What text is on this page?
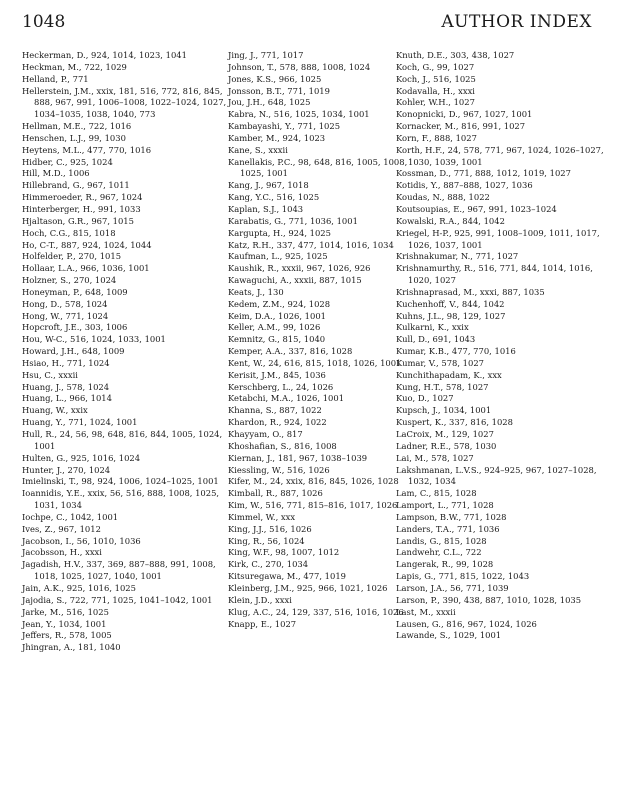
1048	AUTHOR INDEX

Heckerman, D., 924, 1014, 1023, 1041

Heckman, M., 722, 1029

Helland, P., 771

Hellerstein, J.M., xxix, 181, 516, 772, 816, 845, 888, 967, 991, 1006–1008, 1022–1024, 1027, 1034–1035, 1038, 1040, 773

Hellman, M.E., 722, 1016

Henschen, L.J., 99, 1030

Heytens, M.L., 477, 770, 1016

Hidber, C., 925, 1024

Hill, M.D., 1006

Hillebrand, G., 967, 1011

Himmeroeder, R., 967, 1024

Hinterberger, H., 991, 1033

Hjaltason, G.R., 967, 1015

Hoch, C.G., 815, 1018

Ho, C-T., 887, 924, 1024, 1044

Holfelder, P., 270, 1015

Hollaar, L.A., 966, 1036, 1001

Holzner, S., 270, 1024

Honeyman, P., 648, 1009

Hong, D., 578, 1024

Hong, W., 771, 1024

Hopcroft, J.E., 303, 1006

Hou, W-C., 516, 1024, 1033, 1001

Howard, J.H., 648, 1009

Hsiao, H., 771, 1024

Hsu, C., xxxii

Huang, J., 578, 1024

Huang, L., 966, 1014

Huang, W., xxix

Huang, Y., 771, 1024, 1001

Hull, R., 24, 56, 98, 648, 816, 844, 1005, 1024, 1001

Hulten, G., 925, 1016, 1024

Hunter, J., 270, 1024

Imielinski, T., 98, 924, 1006, 1024–1025, 1001

Ioannidis, Y.E., xxix, 56, 516, 888, 1008, 1025, 1031, 1034

Iochpe, C., 1042, 1001

Ives, Z., 967, 1012

Jacobson, I., 56, 1010, 1036

Jacobsson, H., xxxi

Jagadish, H.V., 337, 369, 887–888, 991, 1008, 1018, 1025, 1027, 1040, 1001

Jain, A.K., 925, 1016, 1025

Jajodia, S., 722, 771, 1025, 1041–1042, 1001

Jarke, M., 516, 1025

Jean, Y., 1034, 1001

Jeffers, R., 578, 1005

Jhingran, A., 181, 1040

Jing, J., 771, 1017

Johnson, T., 578, 888, 1008, 1024

Jones, K.S., 966, 1025

Jonsson, B.T., 771, 1019

Jou, J.H., 648, 1025

Kabra, N., 516, 1025, 1034, 1001

Kambayashi, Y., 771, 1025

Kamber, M., 924, 1023

Kane, S., xxxii

Kanellakis, P.C., 98, 648, 816, 1005, 1008, 1025, 1001

Kang, J., 967, 1018

Kang, Y.C., 516, 1025

Kaplan, S.J., 1043

Karabatis, G., 771, 1036, 1001

Kargupta, H., 924, 1025

Katz, R.H., 337, 477, 1014, 1016, 1034

Kaufman, L., 925, 1025

Kaushik, R., xxxii, 967, 1026, 926

Kawaguchi, A., xxxii, 887, 1015

Keats, J., 130

Kedem, Z.M., 924, 1028

Keim, D.A., 1026, 1001

Keller, A.M., 99, 1026

Kemnitz, G., 815, 1040

Kemper, A.A., 337, 816, 1028

Kent, W., 24, 616, 815, 1018, 1026, 1001

Kerisit, J.M., 845, 1036

Kerschberg, L., 24, 1026

Ketabchi, M.A., 1026, 1001

Khanna, S., 887, 1022

Khardon, R., 924, 1022

Khayyam, O., 817

Khoshafian, S., 816, 1008

Kiernan, J., 181, 967, 1038–1039

Kiessling, W., 516, 1026

Kifer, M., 24, xxix, 816, 845, 1026, 1028

Kimball, R., 887, 1026

Kim, W., 516, 771, 815–816, 1017, 1026

Kimmel, W., xxx

King, J.J., 516, 1026

King, R., 56, 1024

King, W.F., 98, 1007, 1012

Kirk, C., 270, 1034

Kitsuregawa, M., 477, 1019

Kleinberg, J.M., 925, 966, 1021, 1026

Klein, J.D., xxxi

Klug, A.C., 24, 129, 337, 516, 1016, 1026

Knapp, E., 1027

Knuth, D.E., 303, 438, 1027

Koch, G., 99, 1027

Koch, J., 516, 1025

Kodavalla, H., xxxi

Kohler, W.H., 1027

Konopnicki, D., 967, 1027, 1001

Kornacker, M., 816, 991, 1027

Korn, F., 888, 1027

Korth, H.F., 24, 578, 771, 967, 1024, 1026–1027, 1030, 1039, 1001

Kossman, D., 771, 888, 1012, 1019, 1027

Kotidis, Y., 887–888, 1027, 1036

Koudas, N., 888, 1022

Koutsoupias, E., 967, 991, 1023–1024

Kowalski, R.A., 844, 1042

Kriegel, H-P., 925, 991, 1008–1009, 1011, 1017, 1026, 1037, 1001

Krishnakumar, N., 771, 1027

Krishnamurthy, R., 516, 771, 844, 1014, 1016, 1020, 1027

Krishnaprasad, M., xxxi, 887, 1035

Kuchenhoff, V., 844, 1042

Kuhns, J.L., 98, 129, 1027

Kulkarni, K., xxix

Kull, D., 691, 1043

Kumar, K.B., 477, 770, 1016

Kumar, V., 578, 1027

Kunchithapadam, K., xxx

Kung, H.T., 578, 1027

Kuo, D., 1027

Kupsch, J., 1034, 1001

Kuspert, K., 337, 816, 1028

LaCroix, M., 129, 1027

Ladner, R.E., 578, 1030

Lai, M., 578, 1027

Lakshmanan, L.V.S., 924–925, 967, 1027–1028, 1032, 1034

Lam, C., 815, 1028

Lamport, L., 771, 1028

Lampson, B.W., 771, 1028

Landers, T.A., 771, 1036

Landis, G., 815, 1028

Landwehr, C.L., 722

Langerak, R., 99, 1028

Lapis, G., 771, 815, 1022, 1043

Larson, J.A., 56, 771, 1039

Larson, P., 390, 438, 887, 1010, 1028, 1035

Last, M., xxxii

Lausen, G., 816, 967, 1024, 1026

Lawande, S., 1029, 1001
